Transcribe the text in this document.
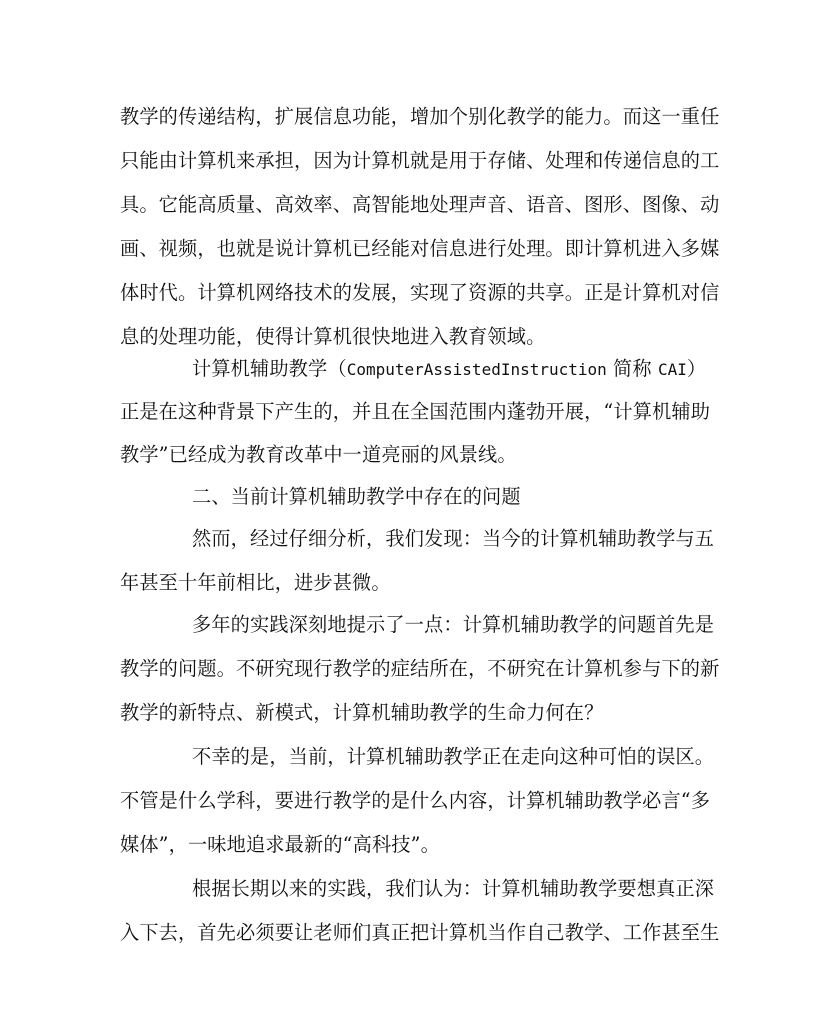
教学的传递结构，扩展信息功能，增加个别化教学的能力。而这一重任
只能由计算机来承担，因为计算机就是用于存储、处理和传递信息的工
具。它能高质量、高效率、高智能地处理声音、语音、图形、图像、动
画、视频，也就是说计算机已经能对信息进行处理。即计算机进入多媒
体时代。计算机网络技术的发展，实现了资源的共享。正是计算机对信
息的处理功能，使得计算机很快地进入教育领域。
计算机辅助教学（ComputerAssistedInstruction 简称 CAI）
正是在这种背景下产生的，并且在全国范围内蓬勃开展，“计算机辅助
教学”已经成为教育改革中一道亮丽的风景线。
二、当前计算机辅助教学中存在的问题
然而，经过仔细分析，我们发现：当今的计算机辅助教学与五
年甚至十年前相比，进步甚微。
多年的实践深刻地提示了一点：计算机辅助教学的问题首先是
教学的问题。不研究现行教学的症结所在，不研究在计算机参与下的新
教学的新特点、新模式，计算机辅助教学的生命力何在？
不幸的是，当前，计算机辅助教学正在走向这种可怕的误区。
不管是什么学科，要进行教学的是什么内容，计算机辅助教学必言“多
媒体”，一味地追求最新的“高科技”。
根据长期以来的实践，我们认为：计算机辅助教学要想真正深
入下去，首先必须要让老师们真正把计算机当作自己教学、工作甚至生
